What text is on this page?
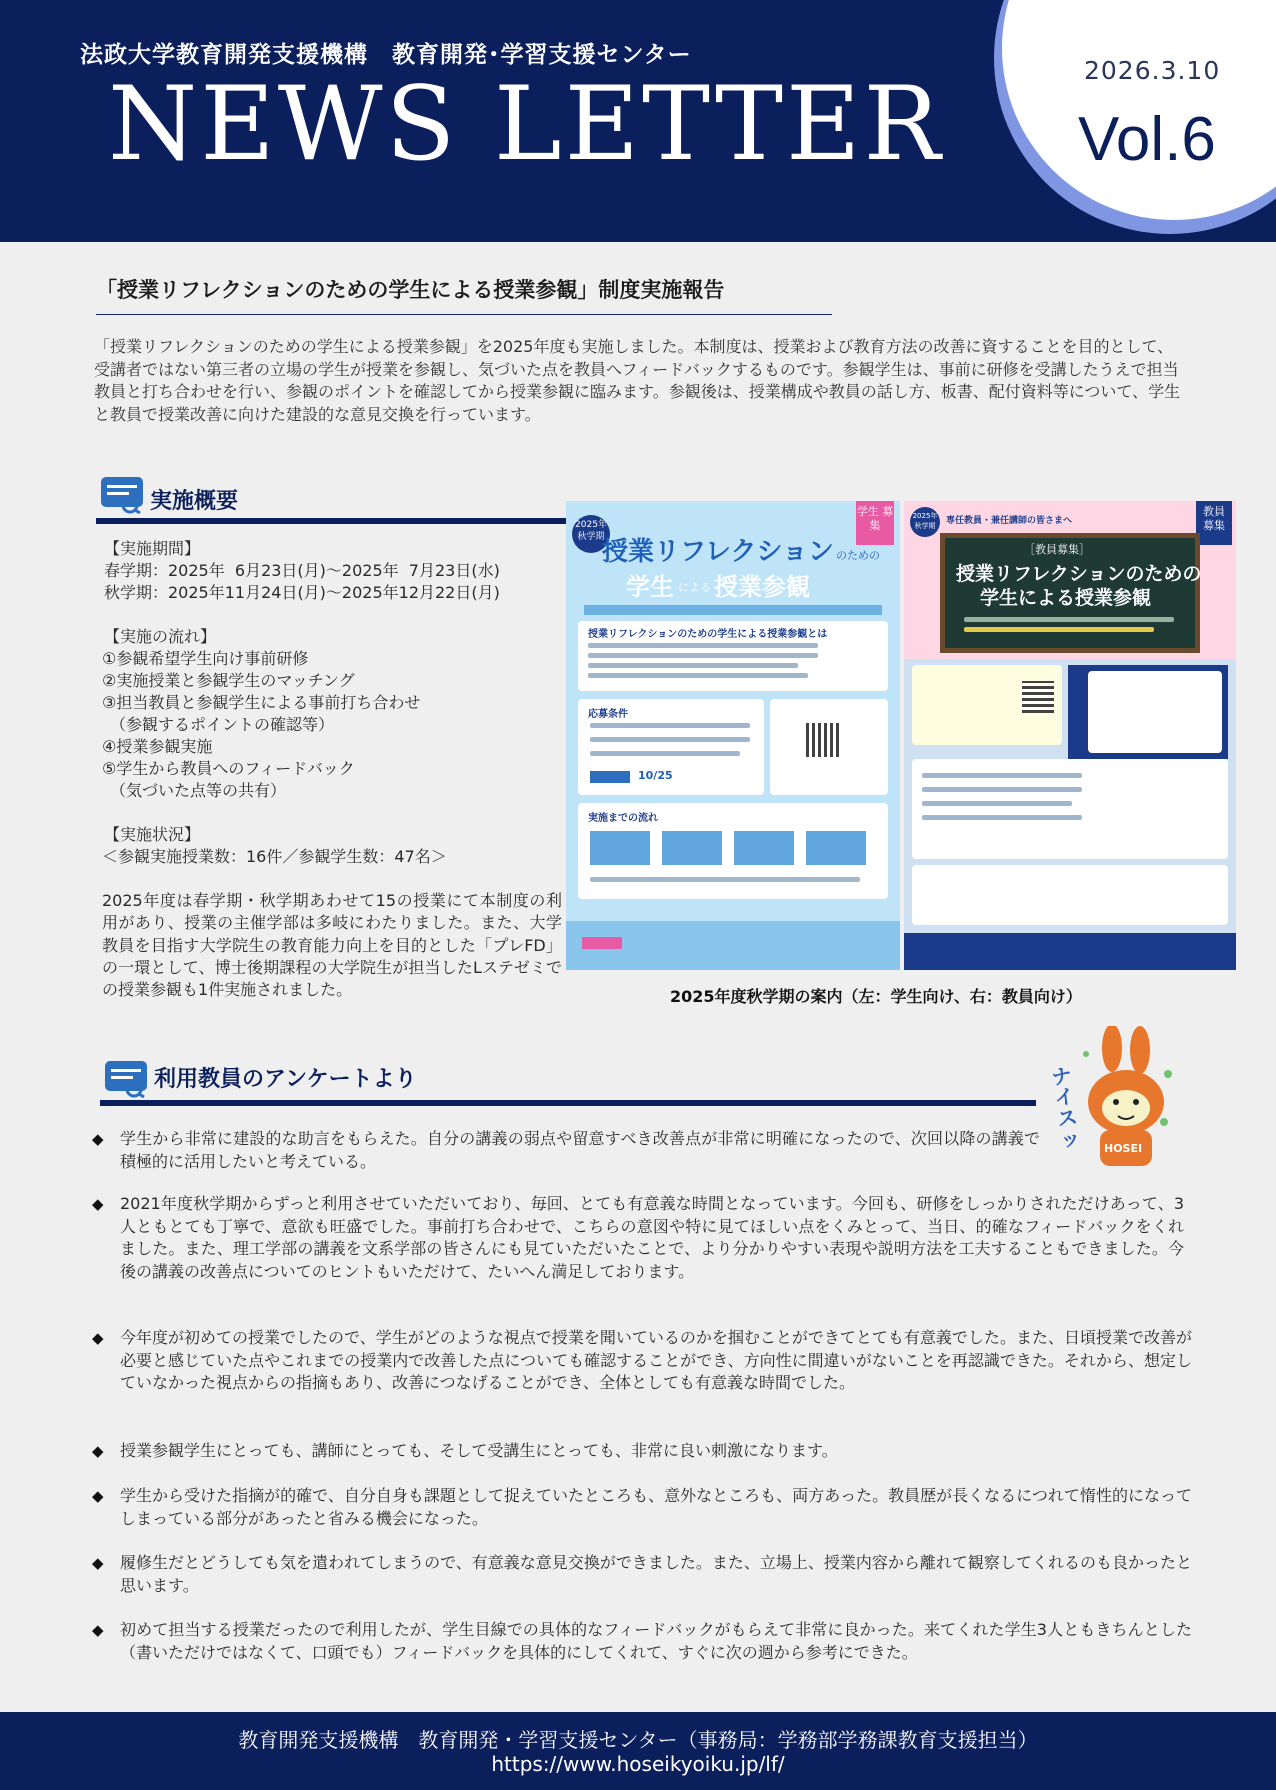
法政大学教育開発支援機構　教育開発･学習支援センター
NEWS LETTER	2026.3.10
Vol.6
「授業リフレクションのための学生による授業参観」制度実施報告
「授業リフレクションのための学生による授業参観」を2025年度も実施しました。本制度は、授業および教育方法の改善に資することを目的として、受講者ではない第三者の立場の学生が授業を参観し、気づいた点を教員へフィードバックするものです。参観学生は、事前に研修を受講したうえで担当教員と打ち合わせを行い、参観のポイントを確認してから授業参観に臨みます。参観後は、授業構成や教員の話し方、板書、配付資料等について、学生と教員で授業改善に向けた建設的な意見交換を行っています。
実施概要
【実施期間】
春学期：2025年  6月23日(月)～2025年  7月23日(水)
秋学期：2025年11月24日(月)～2025年12月22日(月)
【実施の流れ】
①参観希望学生向け事前研修
②実施授業と参観学生のマッチング
③担当教員と参観学生による事前打ち合わせ
　（参観するポイントの確認等）
④授業参観実施
⑤学生から教員へのフィードバック
　（気づいた点等の共有）
【実施状況】
＜参観実施授業数：16件／参観学生数：47名＞
2025年度は春学期・秋学期あわせて15の授業にて本制度の利用があり、授業の主催学部は多岐にわたりました。また、大学教員を目指す大学院生の教育能力向上を目的とした「プレFD」の一環として、博士後期課程の大学院生が担当したLステゼミでの授業参観も1件実施されました。
2025年 秋学期
学生 募集
授業リフレクション のための
学生 による 授業参観
授業リフレクションのための学生による授業参観とは
応募条件
10/25
実施までの流れ
2025年 秋学期	専任教員・兼任講師の皆さまへ
教員 募集
［教員募集］
授業リフレクションのための
学生による授業参観
2025年度秋学期の案内（左：学生向け、右：教員向け）
利用教員のアンケートより	ナイスッ HOSEI
◆ 学生から非常に建設的な助言をもらえた。自分の講義の弱点や留意すべき改善点が非常に明確になったので、次回以降の講義で積極的に活用したいと考えている。
◆ 2021年度秋学期からずっと利用させていただいており、毎回、とても有意義な時間となっています。今回も、研修をしっかりされただけあって、3人ともとても丁寧で、意欲も旺盛でした。事前打ち合わせで、こちらの意図や特に見てほしい点をくみとって、当日、的確なフィードバックをくれました。また、理工学部の講義を文系学部の皆さんにも見ていただいたことで、より分かりやすい表現や説明方法を工夫することもできました。今後の講義の改善点についてのヒントもいただけて、たいへん満足しております。
◆ 今年度が初めての授業でしたので、学生がどのような視点で授業を聞いているのかを掴むことができてとても有意義でした。また、日頃授業で改善が必要と感じていた点やこれまでの授業内で改善した点についても確認することができ、方向性に間違いがないことを再認識できた。それから、想定していなかった視点からの指摘もあり、改善につなげることができ、全体としても有意義な時間でした。
◆ 授業参観学生にとっても、講師にとっても、そして受講生にとっても、非常に良い刺激になります。
◆ 学生から受けた指摘が的確で、自分自身も課題として捉えていたところも、意外なところも、両方あった。教員歴が長くなるにつれて惰性的になってしまっている部分があったと省みる機会になった。
◆ 履修生だとどうしても気を遣われてしまうので、有意義な意見交換ができました。また、立場上、授業内容から離れて観察してくれるのも良かったと思います。
◆ 初めて担当する授業だったので利用したが、学生目線での具体的なフィードバックがもらえて非常に良かった。来てくれた学生3人ともきちんとした（書いただけではなくて、口頭でも）フィードバックを具体的にしてくれて、すぐに次の週から参考にできた。
教育開発支援機構　教育開発・学習支援センター（事務局：学務部学務課教育支援担当）
https://www.hoseikyoiku.jp/lf/
